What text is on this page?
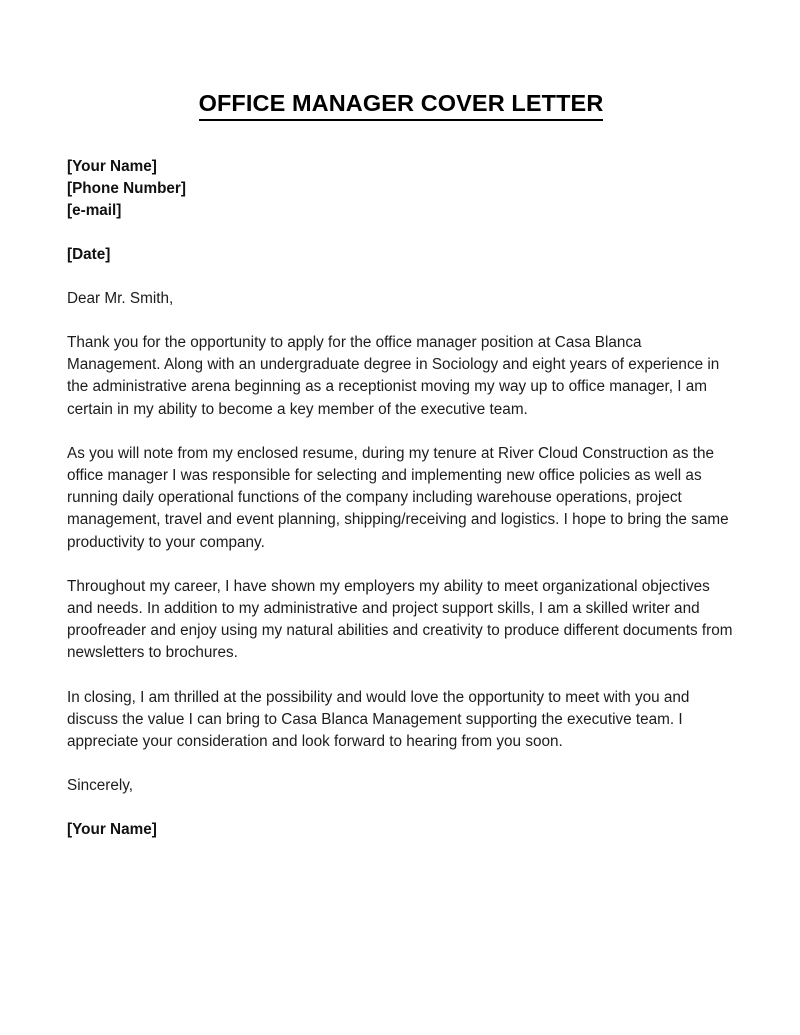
OFFICE MANAGER COVER LETTER
[Your Name]
[Phone Number]
[e-mail]
[Date]
Dear Mr. Smith,

Thank you for the opportunity to apply for the office manager position at Casa Blanca Management. Along with an undergraduate degree in Sociology and eight years of experience in the administrative arena beginning as a receptionist moving my way up to office manager, I am certain in my ability to become a key member of the executive team.

As you will note from my enclosed resume, during my tenure at River Cloud Construction as the office manager I was responsible for selecting and implementing new office policies as well as running daily operational functions of the company including warehouse operations, project management, travel and event planning, shipping/receiving and logistics. I hope to bring the same productivity to your company.

Throughout my career, I have shown my employers my ability to meet organizational objectives and needs. In addition to my administrative and project support skills, I am a skilled writer and proofreader and enjoy using my natural abilities and creativity to produce different documents from newsletters to brochures.

In closing, I am thrilled at the possibility and would love the opportunity to meet with you and discuss the value I can bring to Casa Blanca Management supporting the executive team. I appreciate your consideration and look forward to hearing from you soon.

Sincerely,
[Your Name]
